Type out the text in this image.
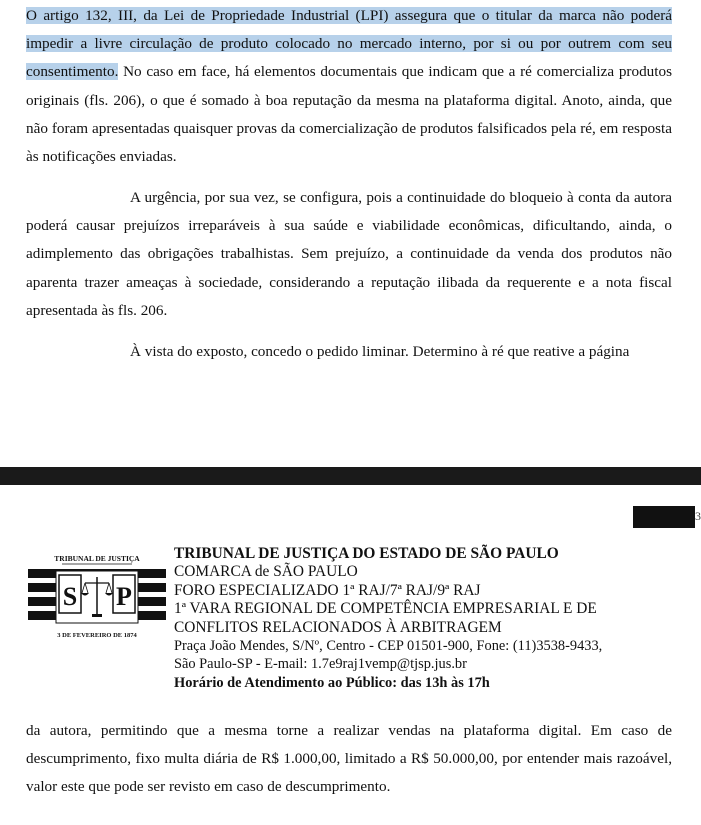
O artigo 132, III, da Lei de Propriedade Industrial (LPI) assegura que o titular da marca não poderá impedir a livre circulação de produto colocado no mercado interno, por si ou por outrem com seu consentimento. No caso em face, há elementos documentais que indicam que a ré comercializa produtos originais (fls. 206), o que é somado à boa reputação da mesma na plataforma digital. Anoto, ainda, que não foram apresentadas quaisquer provas da comercialização de produtos falsificados pela ré, em resposta às notificações enviadas.

A urgência, por sua vez, se configura, pois a continuidade do bloqueio à conta da autora poderá causar prejuízos irreparáveis à sua saúde e viabilidade econômicas, dificultando, ainda, o adimplemento das obrigações trabalhistas. Sem prejuízo, a continuidade da venda dos produtos não aparenta trazer ameaças à sociedade, considerando a reputação ilibada da requerente e a nota fiscal apresentada às fls. 206.

À vista do exposto, concedo o pedido liminar. Determino à ré que reative a página

3
TRIBUNAL DE JUSTIÇA
S P
3 DE FEVEREIRO DE 1874
TRIBUNAL DE JUSTIÇA DO ESTADO DE SÃO PAULO
COMARCA de SÃO PAULO
FORO ESPECIALIZADO 1ª RAJ/7ª RAJ/9ª RAJ
1ª VARA REGIONAL DE COMPETÊNCIA EMPRESARIAL E DE
CONFLITOS RELACIONADOS À ARBITRAGEM
Praça João Mendes, S/Nº, Centro - CEP 01501-900, Fone: (11)3538-9433,
São Paulo-SP - E-mail: 1.7e9raj1vemp@tjsp.jus.br
Horário de Atendimento ao Público: das 13h às 17h

da autora, permitindo que a mesma torne a realizar vendas na plataforma digital. Em caso de descumprimento, fixo multa diária de R$ 1.000,00, limitado a R$ 50.000,00, por entender mais razoável, valor este que pode ser revisto em caso de descumprimento.
